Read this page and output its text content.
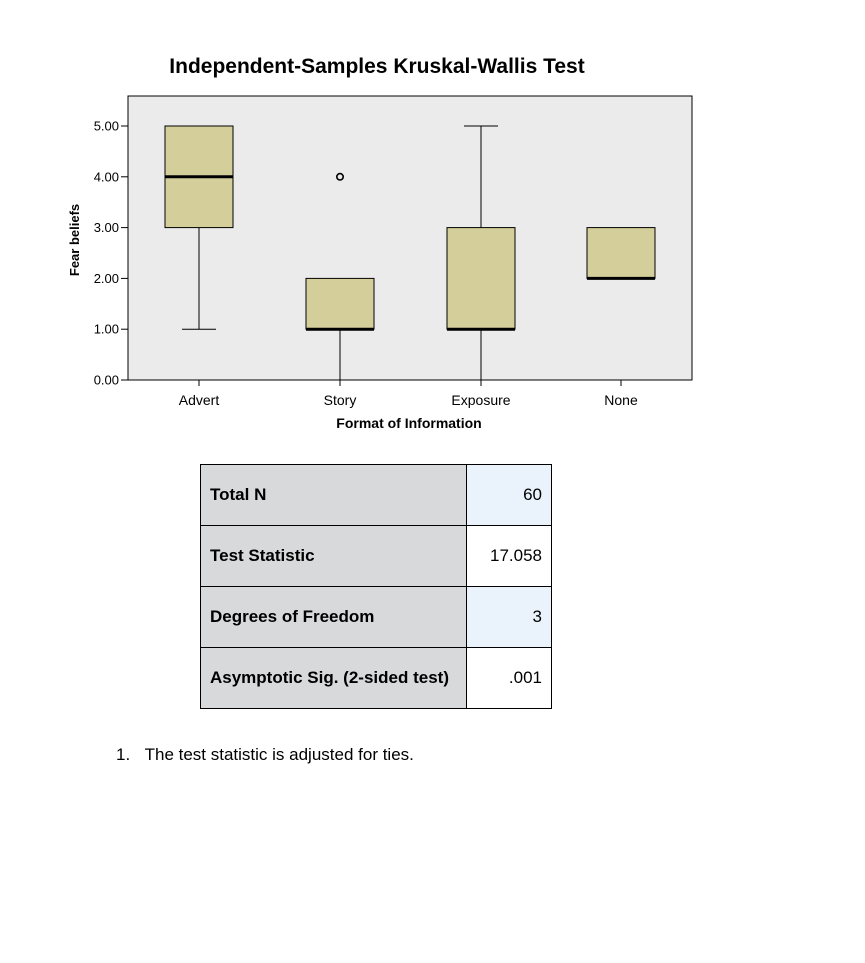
Independent-Samples Kruskal-Wallis Test
0.00
1.00
2.00
3.00
4.00
5.00
Advert	Story	Exposure	None
Fear beliefs
Format of Information
Total N	60
Test Statistic	17.058
Degrees of Freedom	3
Asymptotic Sig. (2-sided test)	.001
1. The test statistic is adjusted for ties.
